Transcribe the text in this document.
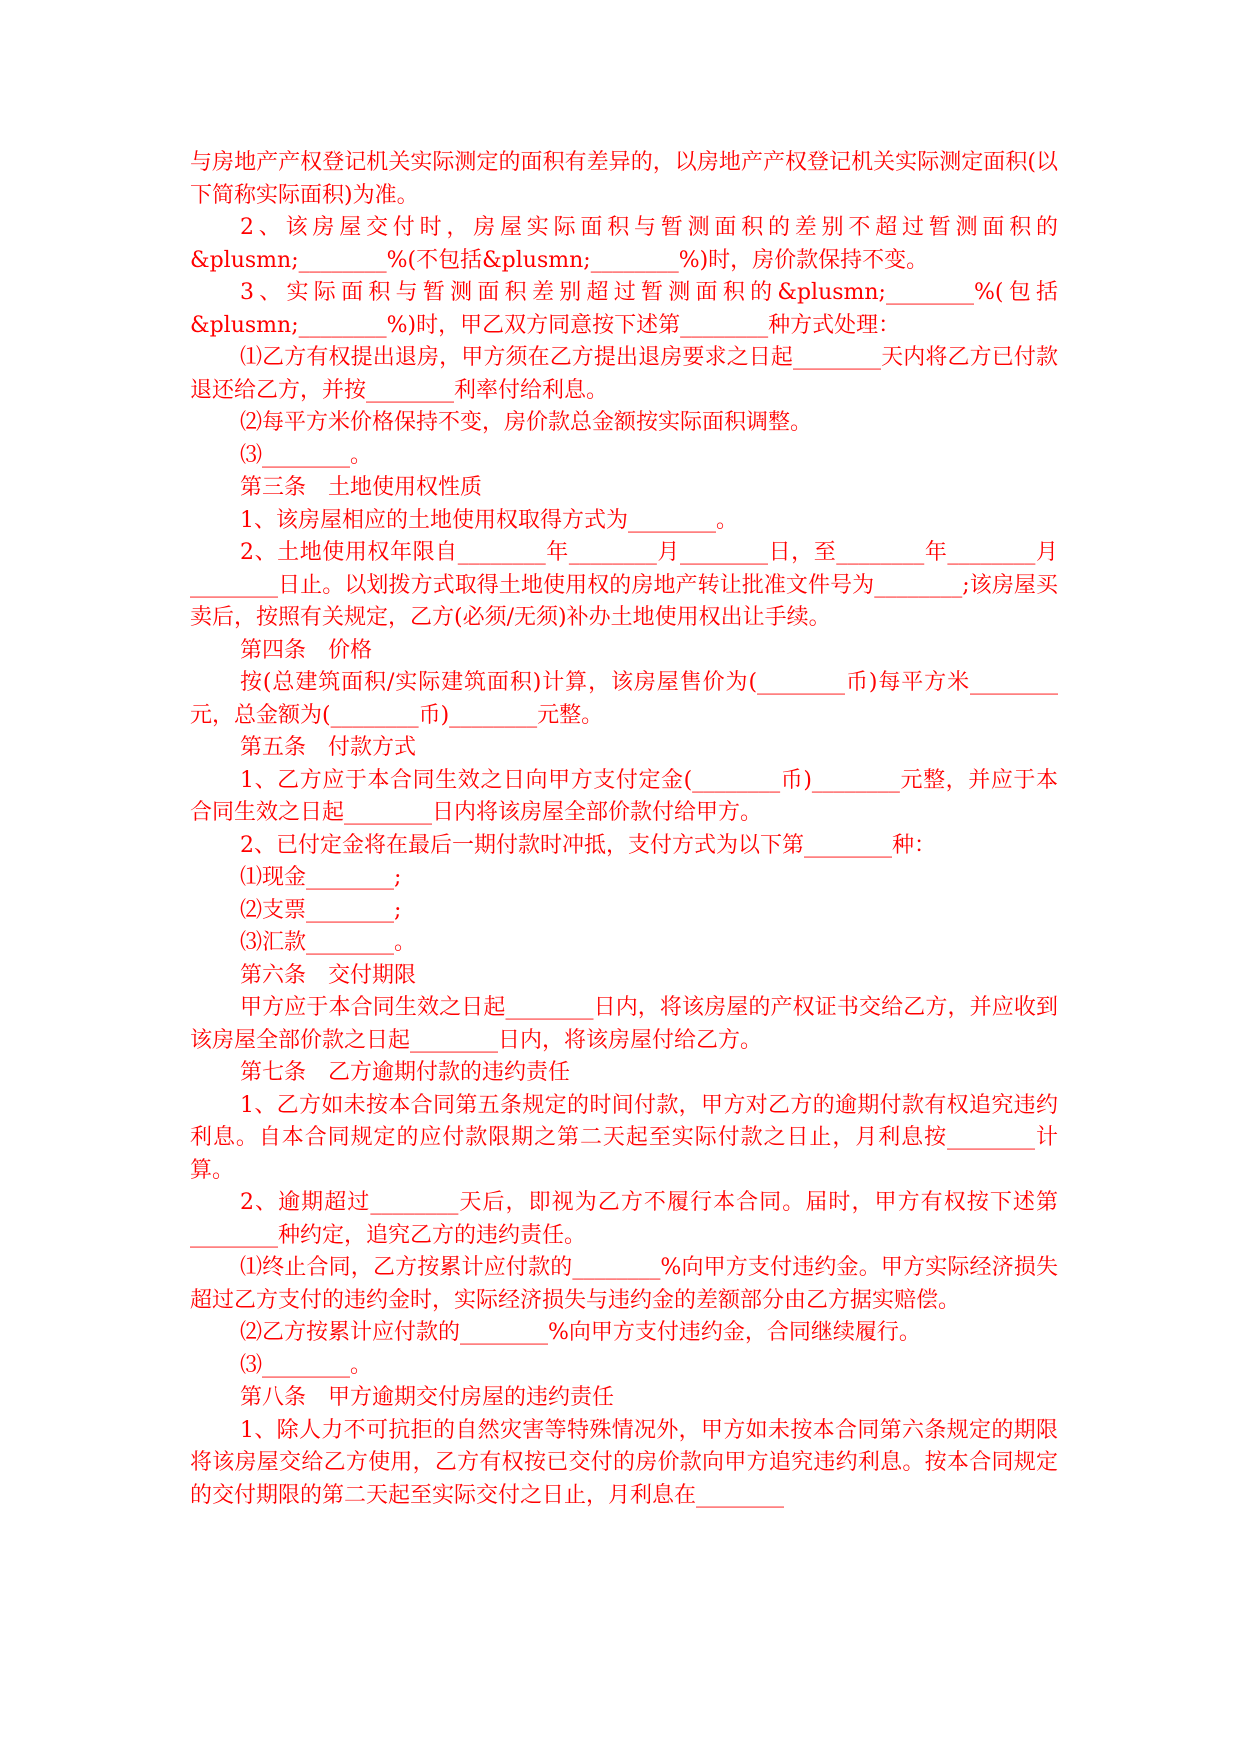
与房地产产权登记机关实际测定的面积有差异的，以房地产产权登记机关实际测定面积(以下简称实际面积)为准。

2、该房屋交付时，房屋实际面积与暂测面积的差别不超过暂测面积的&plusmn;________%(不包括&plusmn;________%)时，房价款保持不变。

3、实际面积与暂测面积差别超过暂测面积的&plusmn;________%(包括&plusmn;________%)时，甲乙双方同意按下述第________种方式处理：

⑴乙方有权提出退房，甲方须在乙方提出退房要求之日起________天内将乙方已付款退还给乙方，并按________利率付给利息。

⑵每平方米价格保持不变，房价款总金额按实际面积调整。

⑶________。

第三条　土地使用权性质

1、该房屋相应的土地使用权取得方式为________。

2、土地使用权年限自________年________月________日，至________年________月________日止。以划拨方式取得土地使用权的房地产转让批准文件号为________;该房屋买卖后，按照有关规定，乙方(必须/无须)补办土地使用权出让手续。

第四条　价格

按(总建筑面积/实际建筑面积)计算，该房屋售价为(________币)每平方米________元，总金额为(________币)________元整。

第五条　付款方式

1、乙方应于本合同生效之日向甲方支付定金(________币)________元整，并应于本合同生效之日起________日内将该房屋全部价款付给甲方。

2、已付定金将在最后一期付款时冲抵，支付方式为以下第________种：

⑴现金________;

⑵支票________;

⑶汇款________。

第六条　交付期限

甲方应于本合同生效之日起________日内，将该房屋的产权证书交给乙方，并应收到该房屋全部价款之日起________日内，将该房屋付给乙方。

第七条　乙方逾期付款的违约责任

1、乙方如未按本合同第五条规定的时间付款，甲方对乙方的逾期付款有权追究违约利息。自本合同规定的应付款限期之第二天起至实际付款之日止，月利息按________计算。

2、逾期超过________天后，即视为乙方不履行本合同。届时，甲方有权按下述第________种约定，追究乙方的违约责任。

⑴终止合同，乙方按累计应付款的________%向甲方支付违约金。甲方实际经济损失超过乙方支付的违约金时，实际经济损失与违约金的差额部分由乙方据实赔偿。

⑵乙方按累计应付款的________%向甲方支付违约金，合同继续履行。

⑶________。

第八条　甲方逾期交付房屋的违约责任

1、除人力不可抗拒的自然灾害等特殊情况外，甲方如未按本合同第六条规定的期限将该房屋交给乙方使用，乙方有权按已交付的房价款向甲方追究违约利息。按本合同规定的交付期限的第二天起至实际交付之日止，月利息在________
